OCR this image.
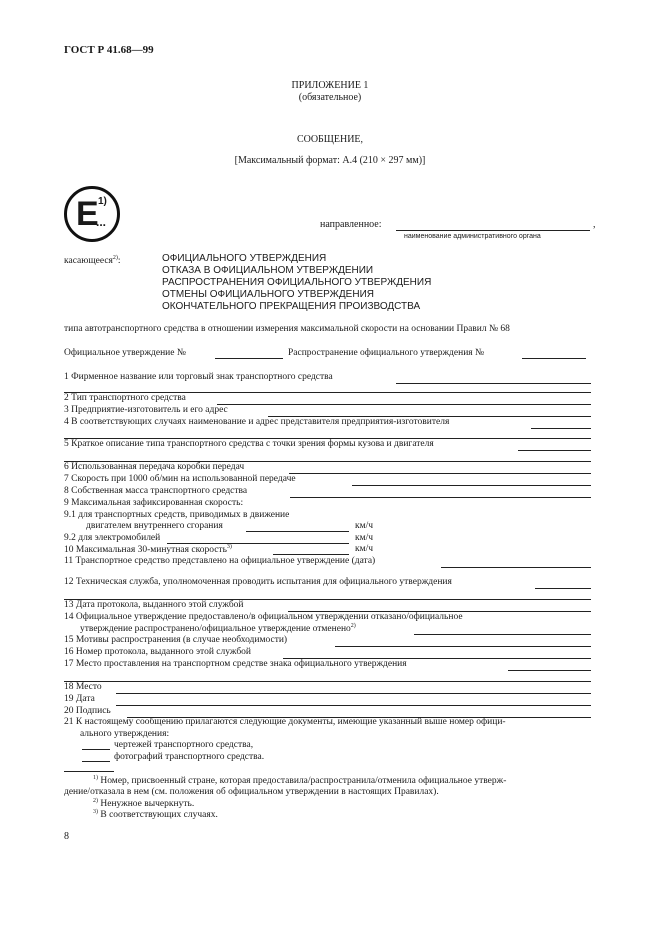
ГОСТ Р 41.68—99
ПРИЛОЖЕНИЕ 1
(обязательное)
СООБЩЕНИЕ,
[Максимальный формат: А.4 (210 × 297 мм)]
E 1)
...	направленное:	,
наименование административного органа
касающееся$^{2)}$:	ОФИЦИАЛЬНОГО УТВЕРЖДЕНИЯ
ОТКАЗА В ОФИЦИАЛЬНОМ УТВЕРЖДЕНИИ
РАСПРОСТРАНЕНИЯ ОФИЦИАЛЬНОГО УТВЕРЖДЕНИЯ
ОТМЕНЫ ОФИЦИАЛЬНОГО УТВЕРЖДЕНИЯ
ОКОНЧАТЕЛЬНОГО ПРЕКРАЩЕНИЯ ПРОИЗВОДСТВА
типа автотранспортного средства в отношении измерения максимальной скорости на основании Правил № 68
Официальное утверждение №	Распространение официального утверждения №
1 Фирменное название или торговый знак транспортного средства
2 Тип транспортного средства
3 Предприятие-изготовитель и его адрес
4 В соответствующих случаях наименование и адрес представителя предприятия-изготовителя
5 Краткое описание типа транспортного средства с точки зрения формы кузова и двигателя
6 Использованная передача коробки передач
7 Скорость при 1000 об/мин на использованной передаче
8 Собственная масса транспортного средства
9 Максимальная зафиксированная скорость:
9.1 для транспортных средств, приводимых в движение
двигателем внутреннего сгорания	км/ч
9.2 для электромобилей	км/ч
10 Максимальная 30-минутная скорость$^{3)}$	км/ч
11 Транспортное средство представлено на официальное утверждение (дата)
12 Техническая служба, уполномоченная проводить испытания для официального утверждения
13 Дата протокола, выданного этой службой
14 Официальное утверждение предоставлено/в официальном утверждении отказано/официальное
утверждение распространено/официальное утверждение отменено$^{2)}$
15 Мотивы распространения (в случае необходимости)
16 Номер протокола, выданного этой службой
17 Место проставления на транспортном средстве знака официального утверждения
18 Место
19 Дата
20 Подпись
21 К настоящему сообщению прилагаются следующие документы, имеющие указанный выше номер офици-
ального утверждения:
чертежей транспортного средства,
фотографий транспортного средства.
$^{1)}$ Номер, присвоенный стране, которая предоставила/распространила/отменила официальное утверж-
дение/отказала в нем (см. положения об официальном утверждении в настоящих Правилах).
$^{2)}$ Ненужное вычеркнуть.
$^{3)}$ В соответствующих случаях.
8
